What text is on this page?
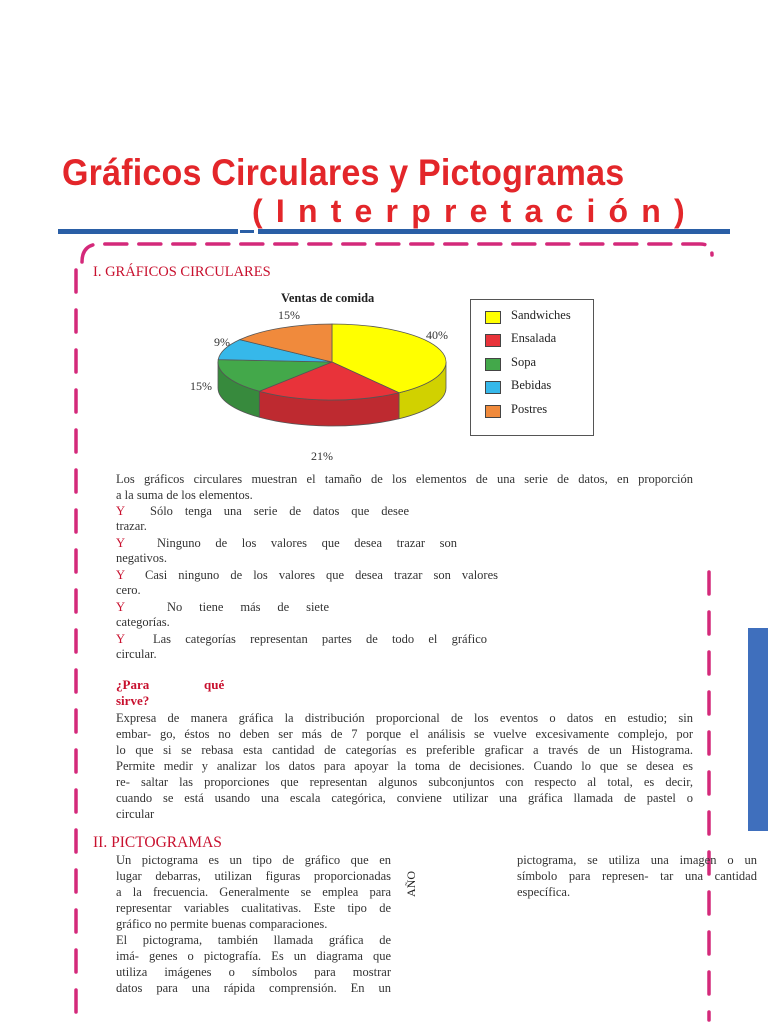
Gráficos Circulares y Pictogramas
(Interpretación)
I. GRÁFICOS CIRCULARES
Ventas de comida
40%
21%
15%
9%
15%	Sandwiches
Ensalada
Sopa
Bebidas
Postres
Los gráficos circulares muestran el tamaño de los elementos de una serie de datos, en proporción
a la suma de los elementos.
Y Sólo tenga una serie de datos que desee
trazar.
Y	Ninguno de los valores que desea trazar son
negativos.
Y Casi ninguno de los valores que desea trazar son valores
cero.
Y	No tiene más de siete
categorías.
Y Las categorías representan partes de todo el gráfico
circular.
¿Para	qué
sirve?
Expresa de manera gráfica la distribución proporcional de los eventos o datos en estudio; sin
embar- go, éstos no deben ser más de 7 porque el análisis se vuelve excesivamente complejo, por
lo que si se rebasa esta cantidad de categorías es preferible graficar a través de un Histograma.
Permite medir y analizar los datos para apoyar la toma de decisiones. Cuando lo que se desea es
re- saltar las proporciones que representan algunos subconjuntos con respecto al total, es decir,
cuando se está usando una escala categórica, conviene utilizar una gráfica llamada de pastel o
circular
II. PICTOGRAMAS
Un pictograma es un tipo de gráfico que en
lugar debarras, utilizan figuras proporcionadas
a la frecuencia. Generalmente se emplea para
representar variables cualitativas. Este tipo de
gráfico no permite buenas comparaciones.
El pictograma, también llamada gráfica de
imá- genes o pictografía. Es un diagrama que
utiliza imágenes o símbolos para mostrar
datos para una rápida comprensión. En un
AÑO
pictograma, se utiliza una imagen o un
símbolo para represen- tar una cantidad
específica.
